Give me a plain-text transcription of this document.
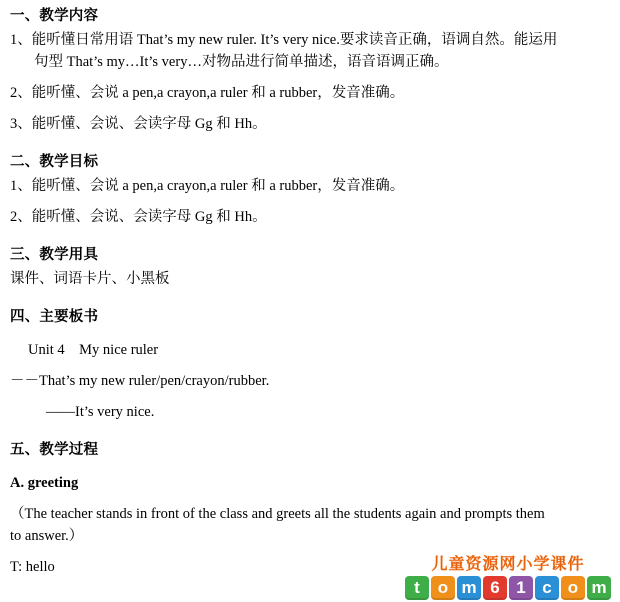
一、教学内容
1、能听懂日常用语 That’s my new ruler. It’s very nice.要求读音正确，语调自然。能运用
句型 That’s my…It’s very…对物品进行简单描述，语音语调正确。
2、能听懂、会说 a pen,a crayon,a ruler 和 a rubber，发音准确。
3、能听懂、会说、会读字母 Gg 和 Hh。
二、教学目标
1、能听懂、会说 a pen,a crayon,a ruler 和 a rubber，发音准确。
2、能听懂、会说、会读字母 Gg 和 Hh。
三、教学用具
课件、词语卡片、小黑板
四、主要板书
Unit 4    My nice ruler
－－That’s my new ruler/pen/crayon/rubber.
——It’s very nice.
五、教学过程
A. greeting
（The teacher stands in front of the class and greets all the students again and prompts them
to answer.）
T: hello	儿童资源网小学课件
t	o m 6 1 c o m
